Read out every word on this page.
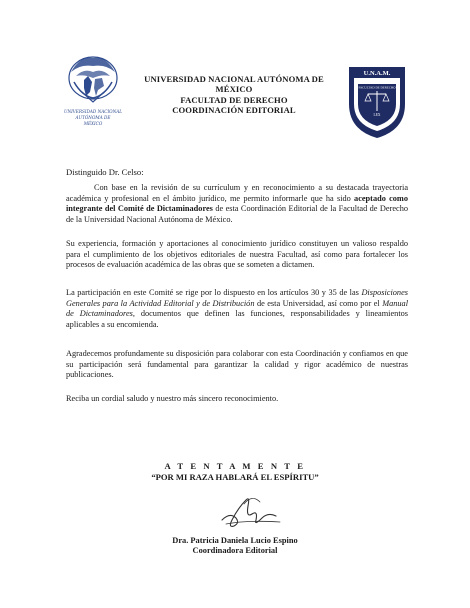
UNIVERSIDAD NACIONAL
AUTÓNOMA DE
MÉXICO
UNIVERSIDAD NACIONAL AUTÓNOMA DE
MÉXICO
FACULTAD DE DERECHO
COORDINACIÓN EDITORIAL
U.N.A.M.
LEX
FACULTAD DE DERECHO
Distinguido Dr. Celso:

Con base en la revisión de su currículum y en reconocimiento a su destacada trayectoria académica y profesional en el ámbito jurídico, me permito informarle que ha sido aceptado como integrante del Comité de Dictaminadores de esta Coordinación Editorial de la Facultad de Derecho de la Universidad Nacional Autónoma de México.

Su experiencia, formación y aportaciones al conocimiento jurídico constituyen un valioso respaldo para el cumplimiento de los objetivos editoriales de nuestra Facultad, así como para fortalecer los procesos de evaluación académica de las obras que se someten a dictamen.

La participación en este Comité se rige por lo dispuesto en los artículos 30 y 35 de las Disposiciones Generales para la Actividad Editorial y de Distribución de esta Universidad, así como por el Manual de Dictaminadores, documentos que definen las funciones, responsabilidades y lineamientos aplicables a su encomienda.

Agradecemos profundamente su disposición para colaborar con esta Coordinación y confiamos en que su participación será fundamental para garantizar la calidad y rigor académico de nuestras publicaciones.

Reciba un cordial saludo y nuestro más sincero reconocimiento.

A T E N T A M E N T E
“POR MI RAZA HABLARÁ EL ESPÍRITU”
Dra. Patricia Daniela Lucio Espino
Coordinadora Editorial
